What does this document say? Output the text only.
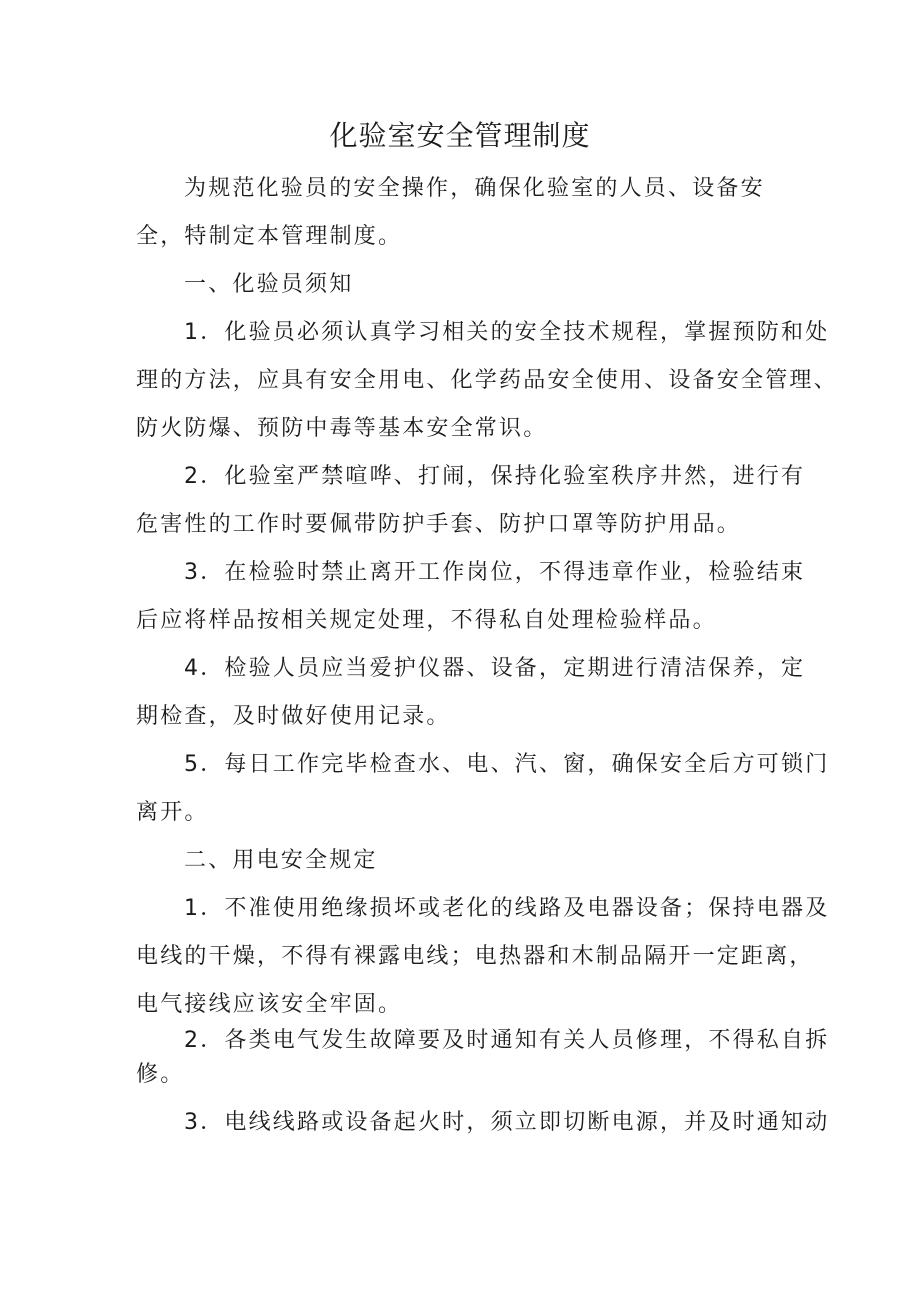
化验室安全管理制度
为规范化验员的安全操作，确保化验室的人员、设备安
全，特制定本管理制度。
一、化验员须知
1．化验员必须认真学习相关的安全技术规程，掌握预防和处
理的方法，应具有安全用电、化学药品安全使用、设备安全管理、
防火防爆、预防中毒等基本安全常识。
2．化验室严禁喧哗、打闹，保持化验室秩序井然，进行有
危害性的工作时要佩带防护手套、防护口罩等防护用品。
3．在检验时禁止离开工作岗位，不得违章作业，检验结束
后应将样品按相关规定处理，不得私自处理检验样品。
4．检验人员应当爱护仪器、设备，定期进行清洁保养，定
期检查，及时做好使用记录。
5．每日工作完毕检查水、电、汽、窗，确保安全后方可锁门
离开。
二、用电安全规定
1．不准使用绝缘损坏或老化的线路及电器设备；保持电器及
电线的干燥，不得有裸露电线；电热器和木制品隔开一定距离，
电气接线应该安全牢固。
2．各类电气发生故障要及时通知有关人员修理，不得私自拆
修。
3．电线线路或设备起火时，须立即切断电源，并及时通知动
